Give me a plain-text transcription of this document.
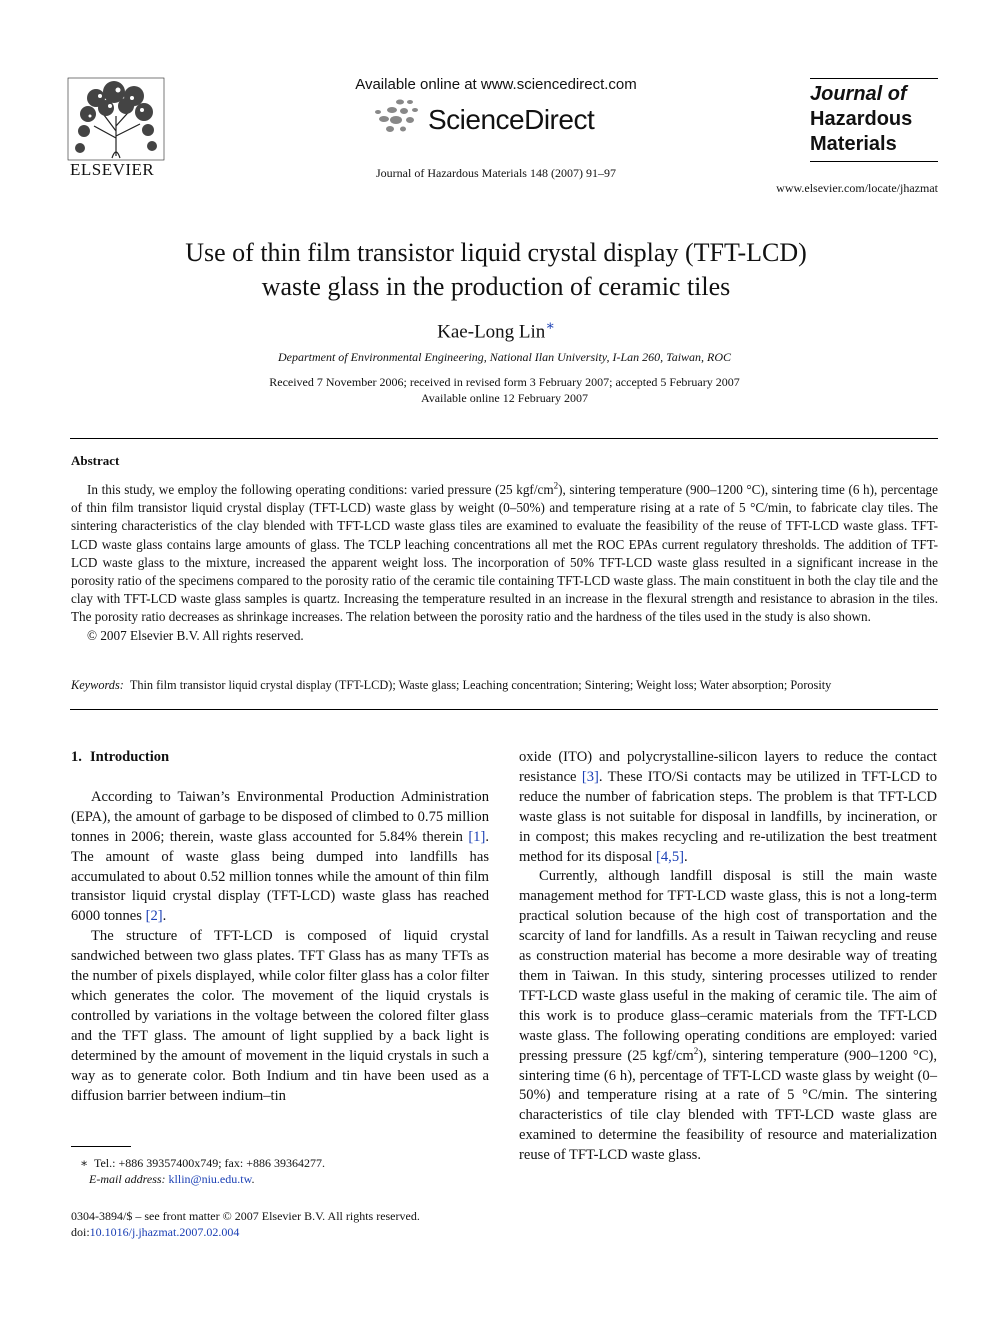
ELSEVIER
Available online at www.sciencedirect.com
ScienceDirect
Journal of Hazardous Materials 148 (2007) 91–97
Journal of
Hazardous
Materials
www.elsevier.com/locate/jhazmat
Use of thin film transistor liquid crystal display (TFT-LCD)
waste glass in the production of ceramic tiles
Kae-Long Lin∗
Department of Environmental Engineering, National Ilan University, I-Lan 260, Taiwan, ROC
Received 7 November 2006; received in revised form 3 February 2007; accepted 5 February 2007
Available online 12 February 2007
Abstract

In this study, we employ the following operating conditions: varied pressure (25 kgf/$cm^2$), sintering temperature (900–1200 °C), sintering time (6 h), percentage of thin film transistor liquid crystal display (TFT-LCD) waste glass by weight (0–50%) and temperature rising at a rate of 5 °C/min, to fabricate clay tiles. The sintering characteristics of the clay blended with TFT-LCD waste glass tiles are examined to evaluate the feasibility of the reuse of TFT-LCD waste glass. TFT-LCD waste glass contains large amounts of glass. The TCLP leaching concentrations all met the ROC EPAs current regulatory thresholds. The addition of TFT-LCD waste glass to the mixture, increased the apparent weight loss. The incorporation of 50% TFT-LCD waste glass resulted in a significant increase in the porosity ratio of the specimens compared to the porosity ratio of the ceramic tile containing TFT-LCD waste glass. The main constituent in both the clay tile and the clay with TFT-LCD waste glass samples is quartz. Increasing the temperature resulted in an increase in the flexural strength and resistance to abrasion in the tiles. The porosity ratio decreases as shrinkage increases. The relation between the porosity ratio and the hardness of the tiles used in the study is also shown.

© 2007 Elsevier B.V. All rights reserved.

Keywords: Thin film transistor liquid crystal display (TFT-LCD); Waste glass; Leaching concentration; Sintering; Weight loss; Water absorption; Porosity
1. Introduction

According to Taiwan’s Environmental Production Administration (EPA), the amount of garbage to be disposed of climbed to 0.75 million tonnes in 2006; therein, waste glass accounted for 5.84% therein [1]. The amount of waste glass being dumped into landfills has accumulated to about 0.52 million tonnes while the amount of thin film transistor liquid crystal display (TFT-LCD) waste glass has reached 6000 tonnes [2].

The structure of TFT-LCD is composed of liquid crystal sandwiched between two glass plates. TFT Glass has as many TFTs as the number of pixels displayed, while color filter glass has a color filter which generates the color. The movement of the liquid crystals is controlled by variations in the voltage between the colored filter glass and the TFT glass. The amount of light supplied by a back light is determined by the amount of movement in the liquid crystals in such a way as to generate color. Both Indium and tin have been used as a diffusion barrier between indium–tin

oxide (ITO) and polycrystalline-silicon layers to reduce the contact resistance [3]. These ITO/Si contacts may be utilized in TFT-LCD to reduce the number of fabrication steps. The problem is that TFT-LCD waste glass is not suitable for disposal in landfills, by incineration, or in compost; this makes recycling and re-utilization the best treatment method for its disposal [4,5].

Currently, although landfill disposal is still the main waste management method for TFT-LCD waste glass, this is not a long-term practical solution because of the high cost of transportation and the scarcity of land for landfills. As a result in Taiwan recycling and reuse as construction material has become a more desirable way of treating them in Taiwan. In this study, sintering processes utilized to render TFT-LCD waste glass useful in the making of ceramic tile. The aim of this work is to produce glass–ceramic materials from the TFT-LCD waste glass. The following operating conditions are employed: varied pressing pressure (25 kgf/$cm^2$), sintering temperature (900–1200 °C), sintering time (6 h), percentage of TFT-LCD waste glass by weight (0–50%) and temperature rising at a rate of 5 °C/min. The sintering characteristics of tile clay blended with TFT-LCD waste glass are examined to determine the feasibility of resource and materialization reuse of TFT-LCD waste glass.

∗ Tel.: +886 39357400x749; fax: +886 39364277.
E-mail address: kllin@niu.edu.tw.
0304-3894/$ – see front matter © 2007 Elsevier B.V. All rights reserved.
doi:10.1016/j.jhazmat.2007.02.004
